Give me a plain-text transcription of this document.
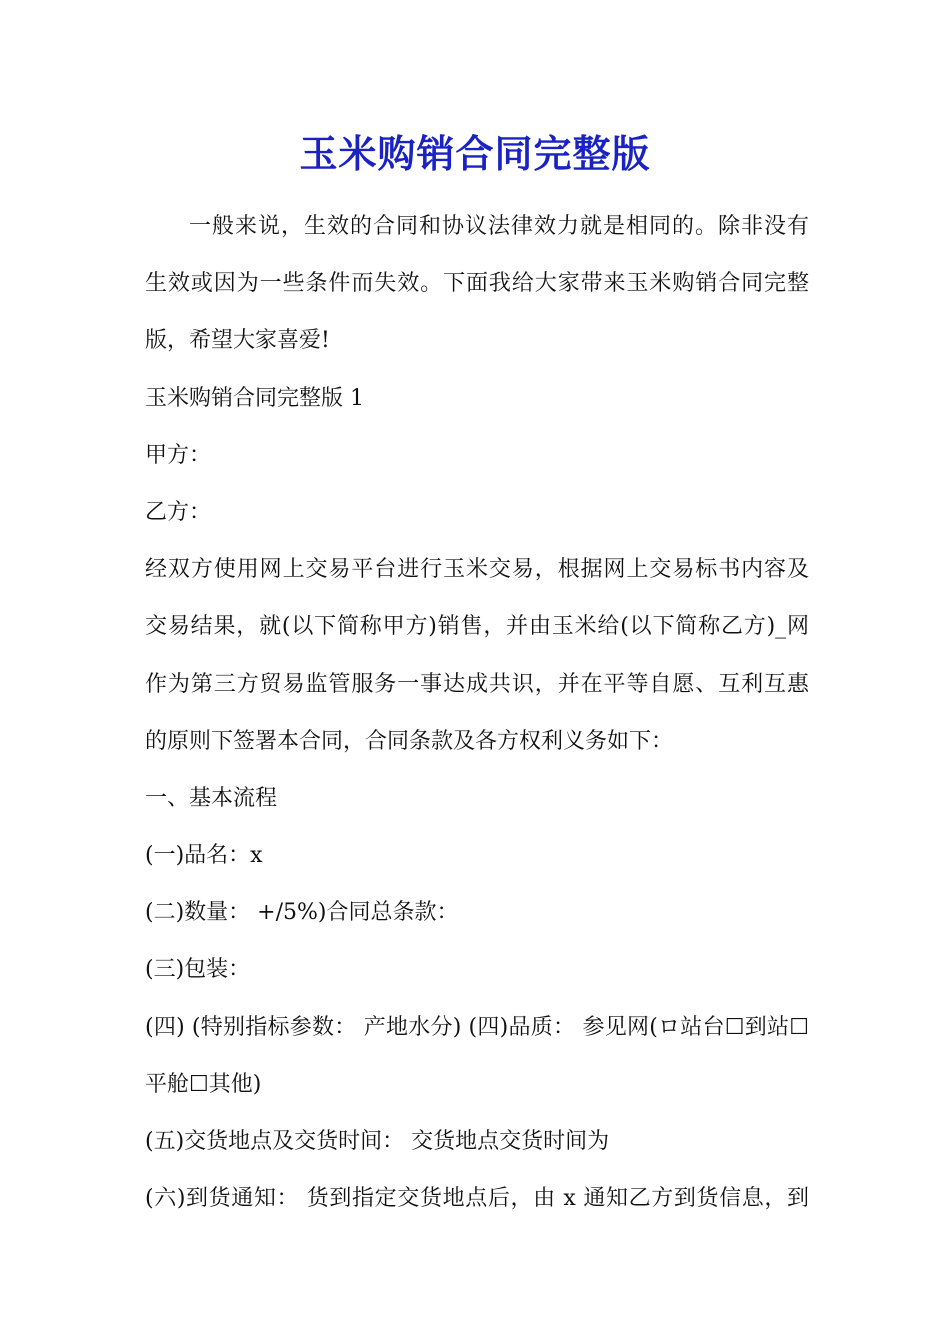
玉米购销合同完整版
一般来说，生效的合同和协议法律效力就是相同的。除非没有
生效或因为一些条件而失效。下面我给大家带来玉米购销合同完整
版，希望大家喜爱!
玉米购销合同完整版 1
甲方：
乙方：
经双方使用网上交易平台进行玉米交易，根据网上交易标书内容及
交易结果，就(以下简称甲方)销售，并由玉米给(以下简称乙方)_网
作为第三方贸易监管服务一事达成共识，并在平等自愿、互利互惠
的原则下签署本合同，合同条款及各方权利义务如下：
一、基本流程
(一)品名：x
(二)数量： +/5%)合同总条款：
(三)包装：
(四) (特别指标参数： 产地水分) (四)品质： 参见网(ロ站台☐到站☐
平舱☐其他)
(五)交货地点及交货时间： 交货地点交货时间为
(六)到货通知： 货到指定交货地点后，由 x 通知乙方到货信息，到
